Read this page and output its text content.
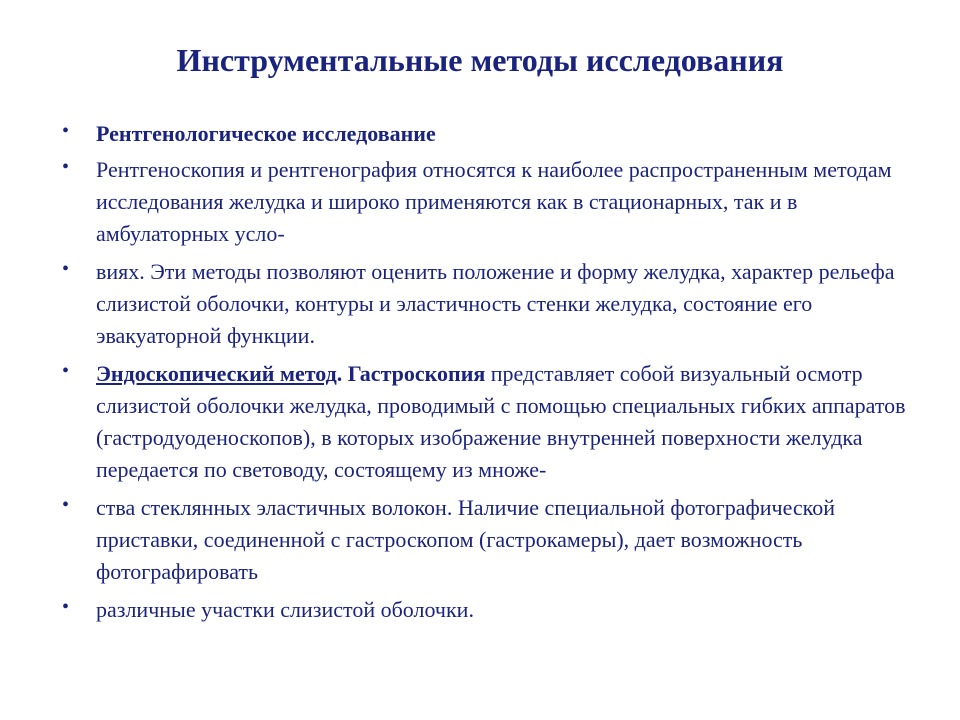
Инструментальные методы исследования
• Рентгенологическое исследование
• Рентгеноскопия и рентгенография относятся к наиболее распространенным методам исследования желудка и широко применяются как в стационарных, так и в амбулаторных усло-
• виях. Эти методы позволяют оценить положение и форму желудка, характер рельефа слизистой оболочки, контуры и эластичность стенки желудка, состояние его эвакуаторной функции.
• Эндоскопический метод. Гастроскопия представляет собой визуальный осмотр слизистой оболочки желудка, проводимый с помощью специальных гибких аппаратов (гастродуоденоскопов), в которых изображение внутренней поверхности желудка передается по световоду, состоящему из множе-
• ства стеклянных эластичных волокон. Наличие специальной фотографической приставки, соединенной с гастроскопом (гастрокамеры), дает возможность фотографировать
• различные участки слизистой оболочки.
